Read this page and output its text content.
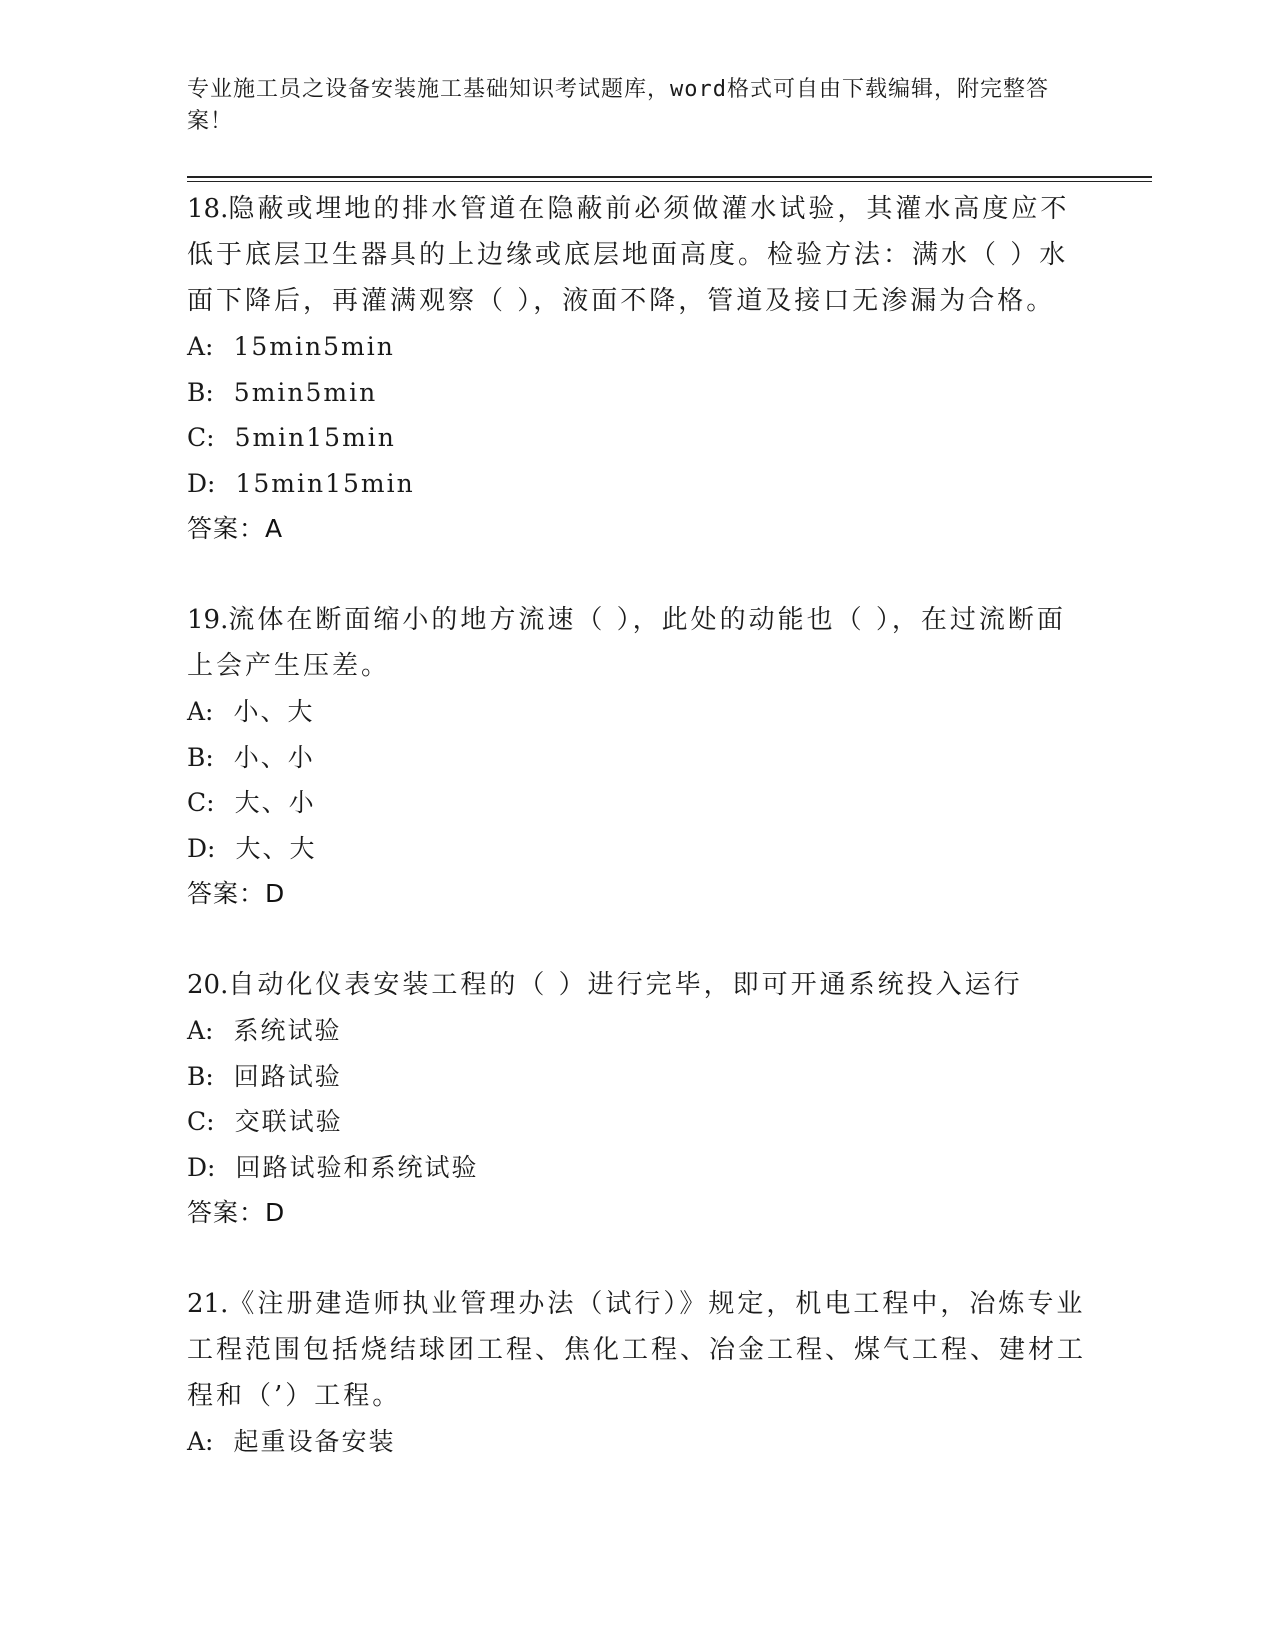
专业施工员之设备安装施工基础知识考试题库，word格式可自由下载编辑，附完整答案！

18.隐蔽或埋地的排水管道在隐蔽前必须做灌水试验，其灌水高度应不低于底层卫生器具的上边缘或底层地面高度。检验方法：满水（ ）水面下降后，再灌满观察（ ），液面不降，管道及接口无渗漏为合格。

A: 15min5min

B: 5min5min

C: 5min15min

D: 15min15min

答案：A

19.流体在断面缩小的地方流速（ ），此处的动能也（ ），在过流断面上会产生压差。

A: 小、大

B: 小、小

C: 大、小

D: 大、大

答案：D

20.自动化仪表安装工程的（ ）进行完毕，即可开通系统投入运行

A: 系统试验

B: 回路试验

C: 交联试验

D: 回路试验和系统试验

答案：D

21.《注册建造师执业管理办法（试行）》规定，机电工程中，冶炼专业工程范围包括烧结球团工程、焦化工程、冶金工程、煤气工程、建材工程和（’）工程。

A: 起重设备安装
